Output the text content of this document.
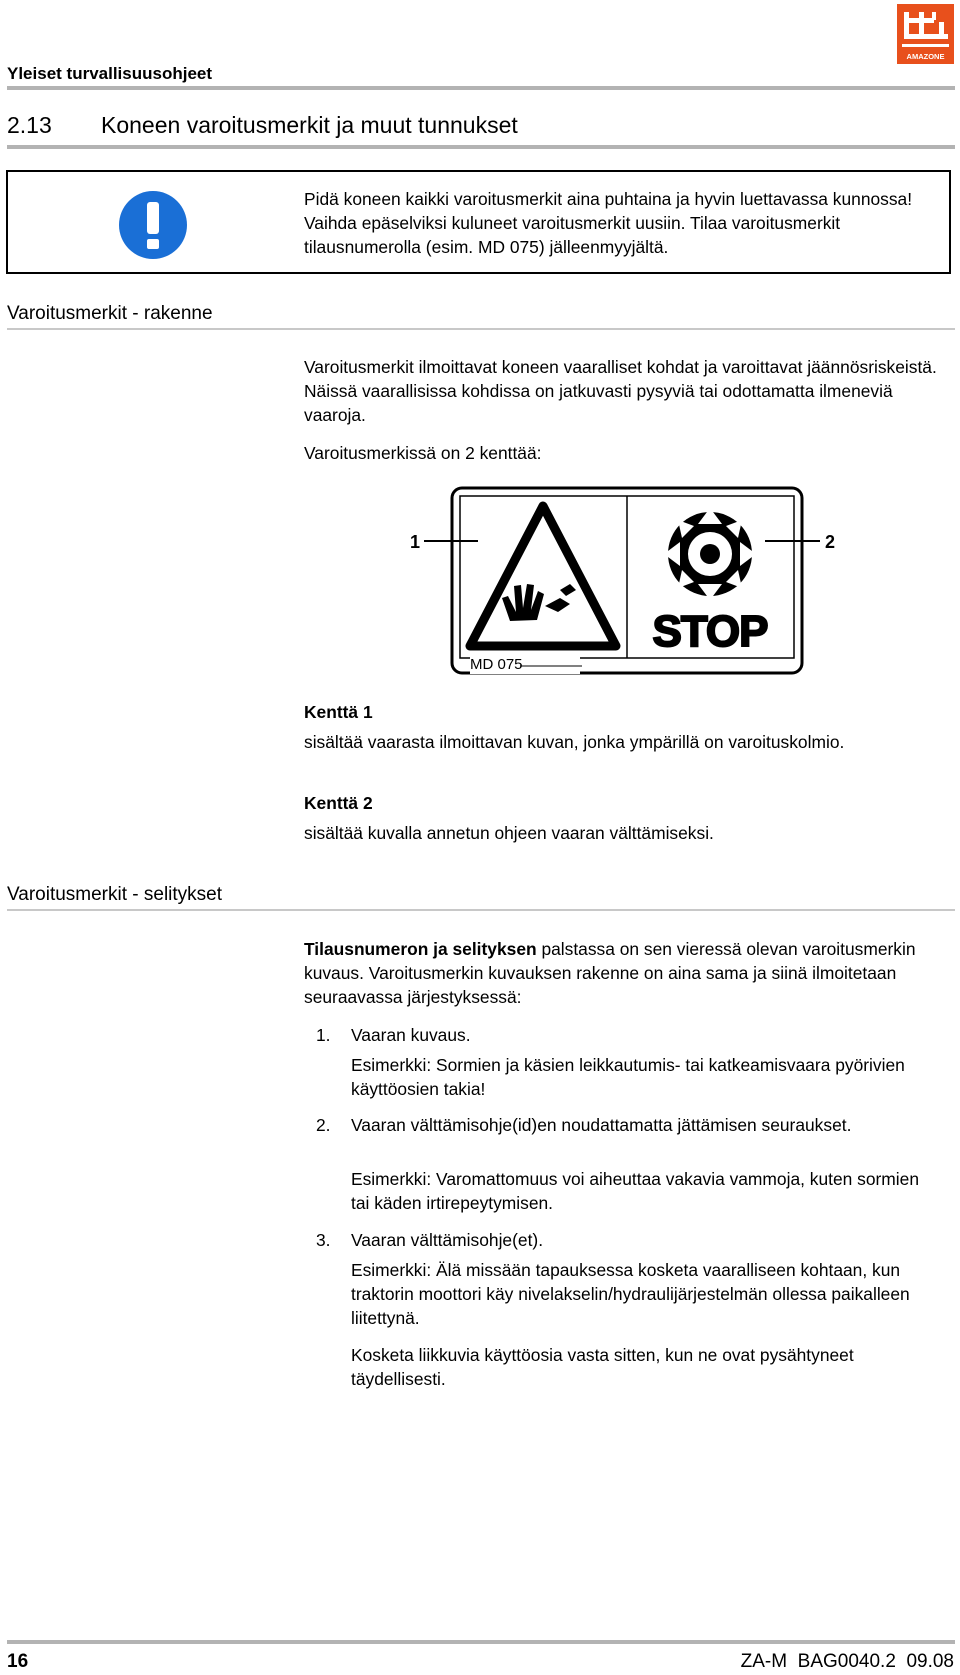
Yleiset turvallisuusohjeet
AMAZONE
2.13 Koneen varoitusmerkit ja muut tunnukset
Pidä koneen kaikki varoitusmerkit aina puhtaina ja hyvin luettavassa kunnossa! Vaihda epäselviksi kuluneet varoitusmerkit uusiin. Tilaa varoitusmerkit tilausnumerolla (esim. MD 075) jälleenmyyjältä.
Varoitusmerkit - rakenne
Varoitusmerkit ilmoittavat koneen vaaralliset kohdat ja varoittavat jäännösriskeistä. Näissä vaarallisissa kohdissa on jatkuvasti pysyviä tai odottamatta ilmeneviä vaaroja.
Varoitusmerkissä on 2 kenttää:
STOP
MD 075
1	2
Kenttä 1
sisältää vaarasta ilmoittavan kuvan, jonka ympärillä on varoituskolmio.
Kenttä 2
sisältää kuvalla annetun ohjeen vaaran välttämiseksi.
Varoitusmerkit - selitykset
Tilausnumeron ja selityksen palstassa on sen vieressä olevan varoitusmerkin kuvaus. Varoitusmerkin kuvauksen rakenne on aina sama ja siinä ilmoitetaan seuraavassa järjestyksessä:
1. Vaaran kuvaus.
Esimerkki: Sormien ja käsien leikkautumis- tai katkeamisvaara pyörivien käyttöosien takia!
2. Vaaran välttämisohje(id)en noudattamatta jättämisen seuraukset.
Esimerkki: Varomattomuus voi aiheuttaa vakavia vammoja, kuten sormien tai käden irtirepeytymisen.
3. Vaaran välttämisohje(et).
Esimerkki: Älä missään tapauksessa kosketa vaaralliseen kohtaan, kun traktorin moottori käy nivelakselin/hydraulijärjestelmän ollessa paikalleen liitettynä.
Kosketa liikkuvia käyttöosia vasta sitten, kun ne ovat pysähtyneet täydellisesti.
16	ZA-M  BAG0040.2  09.08
